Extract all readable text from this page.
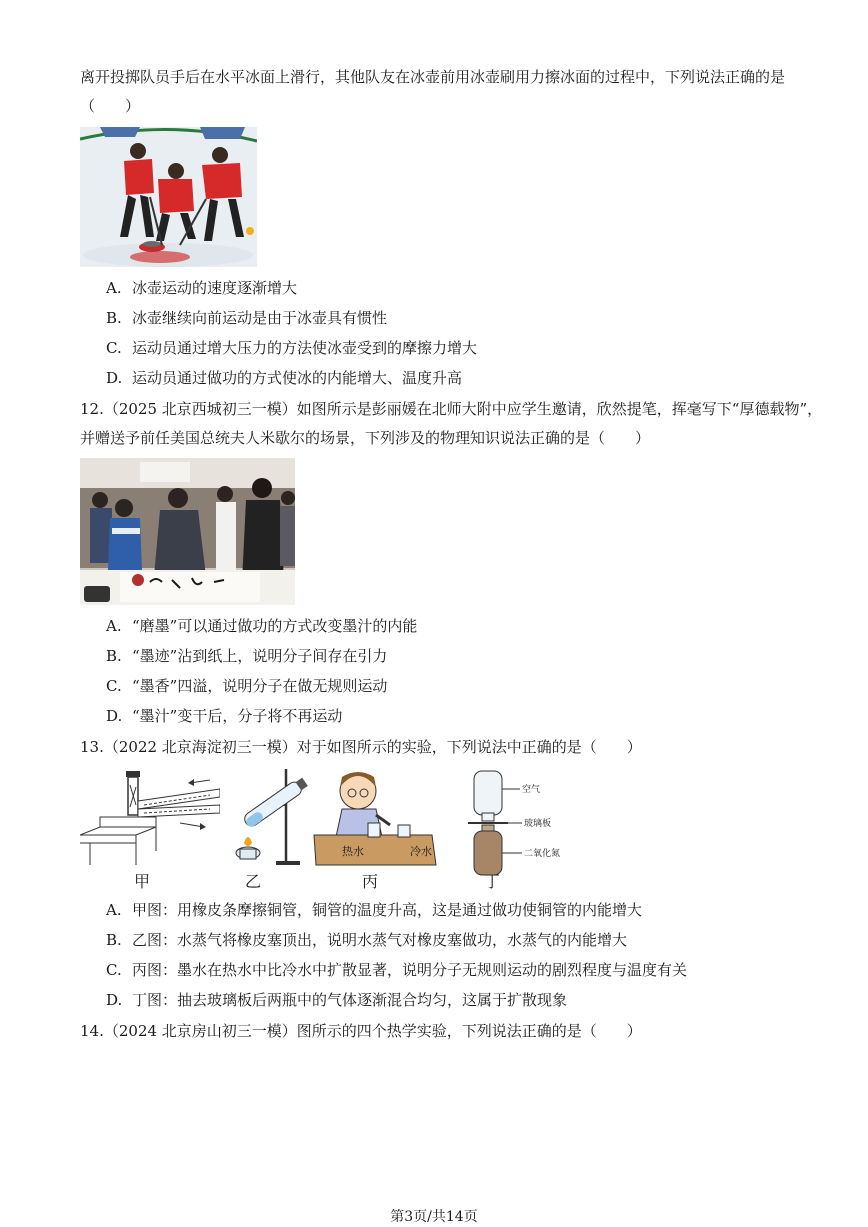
离开投掷队员手后在水平冰面上滑行，其他队友在冰壶前用冰壶刷用力擦冰面的过程中，下列说法正确的是
（　　）
A. 冰壶运动的速度逐渐增大
B. 冰壶继续向前运动是由于冰壶具有惯性
C. 运动员通过增大压力的方法使冰壶受到的摩擦力增大
D. 运动员通过做功的方式使冰的内能增大、温度升高
12.（2025 北京西城初三一模）如图所示是彭丽媛在北师大附中应学生邀请，欣然提笔，挥毫写下“厚德载物”，
并赠送予前任美国总统夫人米歇尔的场景，下列涉及的物理知识说法正确的是（　　）
A. “磨墨”可以通过做功的方式改变墨汁的内能
B. “墨迹”沾到纸上，说明分子间存在引力
C. “墨香”四溢，说明分子在做无规则运动
D. “墨汁”变干后，分子将不再运动
13.（2022 北京海淀初三一模）对于如图所示的实验，下列说法中正确的是（　　）
甲	乙
热水	冷水
丙
空气
玻璃板
二氧化氮
丁
A. 甲图：用橡皮条摩擦铜管，铜管的温度升高，这是通过做功使铜管的内能增大
B. 乙图：水蒸气将橡皮塞顶出，说明水蒸气对橡皮塞做功，水蒸气的内能增大
C. 丙图：墨水在热水中比冷水中扩散显著，说明分子无规则运动的剧烈程度与温度有关
D. 丁图：抽去玻璃板后两瓶中的气体逐渐混合均匀，这属于扩散现象
14.（2024 北京房山初三一模）图所示的四个热学实验，下列说法正确的是（　　）
第3页/共14页
